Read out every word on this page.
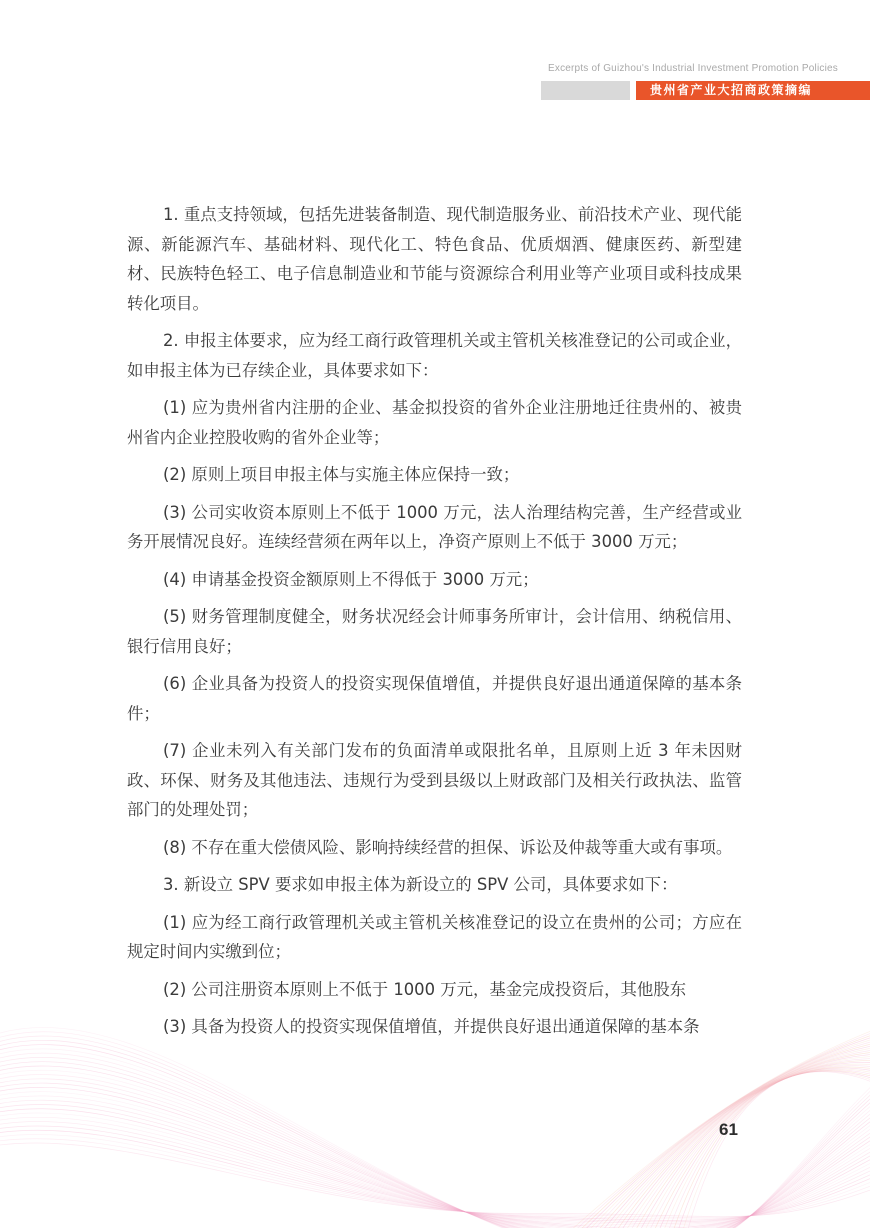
Excerpts of Guizhou's Industrial Investment Promotion Policies
贵州省产业大招商政策摘编

1. 重点支持领域，包括先进装备制造、现代制造服务业、前沿技术产业、现代能源、新能源汽车、基础材料、现代化工、特色食品、优质烟酒、健康医药、新型建材、民族特色轻工、电子信息制造业和节能与资源综合利用业等产业项目或科技成果转化项目。

2. 申报主体要求，应为经工商行政管理机关或主管机关核准登记的公司或企业，如申报主体为已存续企业，具体要求如下：

(1) 应为贵州省内注册的企业、基金拟投资的省外企业注册地迁往贵州的、被贵州省内企业控股收购的省外企业等；

(2) 原则上项目申报主体与实施主体应保持一致；

(3) 公司实收资本原则上不低于 1000 万元，法人治理结构完善，生产经营或业务开展情况良好。连续经营须在两年以上，净资产原则上不低于 3000 万元；

(4) 申请基金投资金额原则上不得低于 3000 万元；

(5) 财务管理制度健全，财务状况经会计师事务所审计，会计信用、纳税信用、银行信用良好；

(6) 企业具备为投资人的投资实现保值增值，并提供良好退出通道保障的基本条件；

(7) 企业未列入有关部门发布的负面清单或限批名单，且原则上近 3 年未因财政、环保、财务及其他违法、违规行为受到县级以上财政部门及相关行政执法、监管部门的处理处罚；

(8) 不存在重大偿债风险、影响持续经营的担保、诉讼及仲裁等重大或有事项。

3. 新设立 SPV 要求如申报主体为新设立的 SPV 公司，具体要求如下：

(1) 应为经工商行政管理机关或主管机关核准登记的设立在贵州的公司；方应在规定时间内实缴到位；

(2) 公司注册资本原则上不低于 1000 万元，基金完成投资后，其他股东

(3) 具备为投资人的投资实现保值增值，并提供良好退出通道保障的基本条

61
